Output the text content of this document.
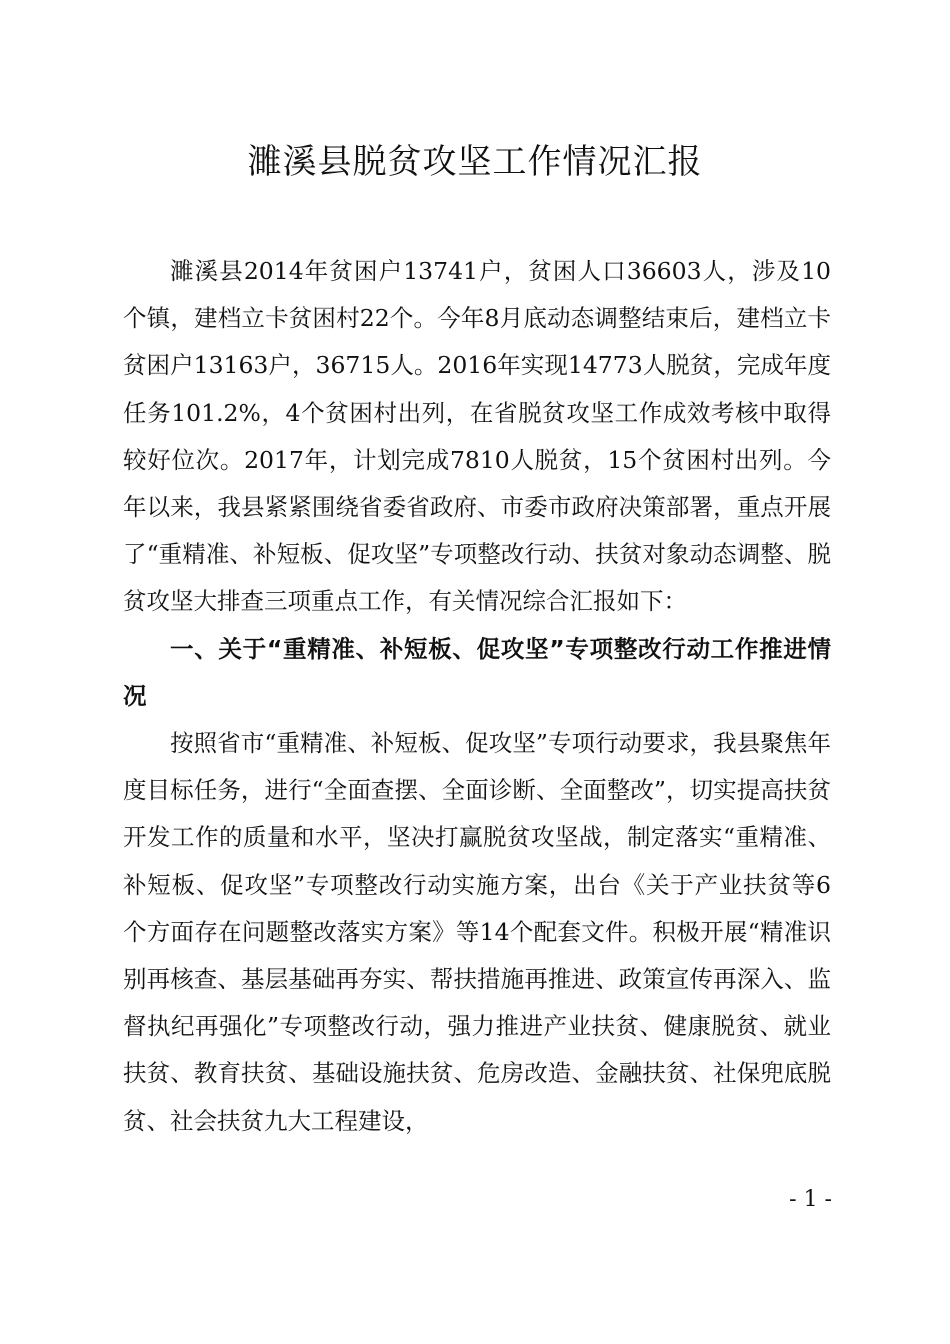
濉溪县脱贫攻坚工作情况汇报

濉溪县2014年贫困户13741户，贫困人口36603人，涉及10个镇，建档立卡贫困村22个。今年8月底动态调整结束后，建档立卡贫困户13163户，36715人。2016年实现14773人脱贫，完成年度任务101.2%，4个贫困村出列，在省脱贫攻坚工作成效考核中取得较好位次。2017年，计划完成7810人脱贫，15个贫困村出列。今年以来，我县紧紧围绕省委省政府、市委市政府决策部署，重点开展了“重精准、补短板、促攻坚”专项整改行动、扶贫对象动态调整、脱贫攻坚大排查三项重点工作，有关情况综合汇报如下：

一、关于“重精准、补短板、促攻坚”专项整改行动工作推进情况

按照省市“重精准、补短板、促攻坚”专项行动要求，我县聚焦年度目标任务，进行“全面查摆、全面诊断、全面整改”，切实提高扶贫开发工作的质量和水平，坚决打赢脱贫攻坚战，制定落实“重精准、补短板、促攻坚”专项整改行动实施方案，出台《关于产业扶贫等6个方面存在问题整改落实方案》等14个配套文件。积极开展“精准识别再核查、基层基础再夯实、帮扶措施再推进、政策宣传再深入、监督执纪再强化”专项整改行动，强力推进产业扶贫、健康脱贫、就业扶贫、教育扶贫、基础设施扶贫、危房改造、金融扶贫、社保兜底脱贫、社会扶贫九大工程建设，

- 1 -
